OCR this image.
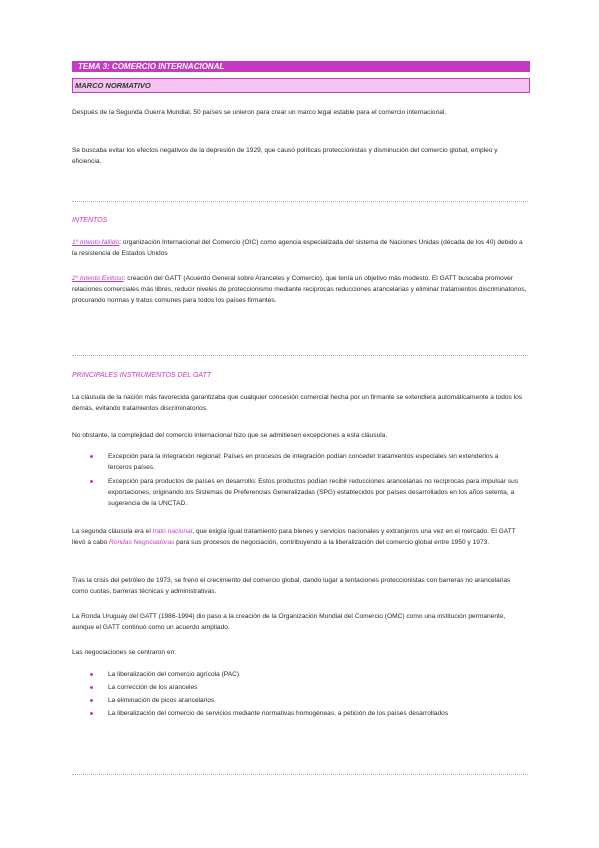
TEMA 3: COMERCIO INTERNACIONAL
MARCO NORMATIVO

Después de la Segunda Guerra Mundial, 50 países se unieron para crear un marco legal estable para el comercio internacional.

Se buscaba evitar los efectos negativos de la depresión de 1929, que causó políticas proteccionistas y disminución del comercio global, empleo y eficiencia.

INTENTOS

1º Intento fallido: organización Internacional del Comercio (OIC) como agencia especializada del sistema de Naciones Unidas (década de los 40) debido a la resistencia de Estados Unidos

2º Intento Exitoso: creación del GATT (Acuerdo General sobre Aranceles y Comercio), que tenía un objetivo más modesto. El GATT buscaba promover relaciones comerciales más libres, reducir niveles de proteccionismo mediante reciprocas reducciones arancelarias y eliminar tratamientos discriminatorios, procurando normas y tratos comunes para todos los países firmantes.

PRINCIPALES INSTRUMENTOS DEL GATT

La cláusula de la nación más favorecida garantizaba que cualquier concesión comercial hecha por un firmante se extendiera automáticamente a todos los demás, evitando tratamientos discriminatorios.

No obstante, la complejidad del comercio internacional hizo que se admitiesen excepciones a esta cláusula.

Excepción para la integración regional: Países en procesos de integración podían conceder tratamientos especiales sin extenderlos a terceros países.
Excepción para productos de países en desarrollo: Estos productos podían recibir reducciones arancelarias no recíprocas para impulsar sus exportaciones, originando los Sistemas de Preferencias Generalizadas (SPG) establecidos por países desarrollados en los años setenta, a sugerencia de la UNCTAD.

La segunda cláusula era el trato nacional, que exigía igual tratamiento para bienes y servicios nacionales y extranjeros una vez en el mercado. El GATT llevó a cabo Rondas Negociadoras para sus procesos de negociación, contribuyendo a la liberalización del comercio global entre 1950 y 1973.

Tras la crisis del petróleo de 1973, se frenó el crecimiento del comercio global, dando lugar a tentaciones proteccionistas con barreras no arancelarias como cuotas, barreras técnicas y administrativas.

La Ronda Uruguay del GATT (1986-1994) dio paso a la creación de la Organización Mundial del Comercio (OMC) como una institución permanente, aunque el GATT continuó como un acuerdo ampliado.

Las negociaciones se centraron en:

La liberalización del comercio agrícola (PAC)
La corrección de los aranceles
La eliminación de picos arancelarios
La liberalización del comercio de servicios mediante normativas homogéneas, a petición de los países desarrollados
